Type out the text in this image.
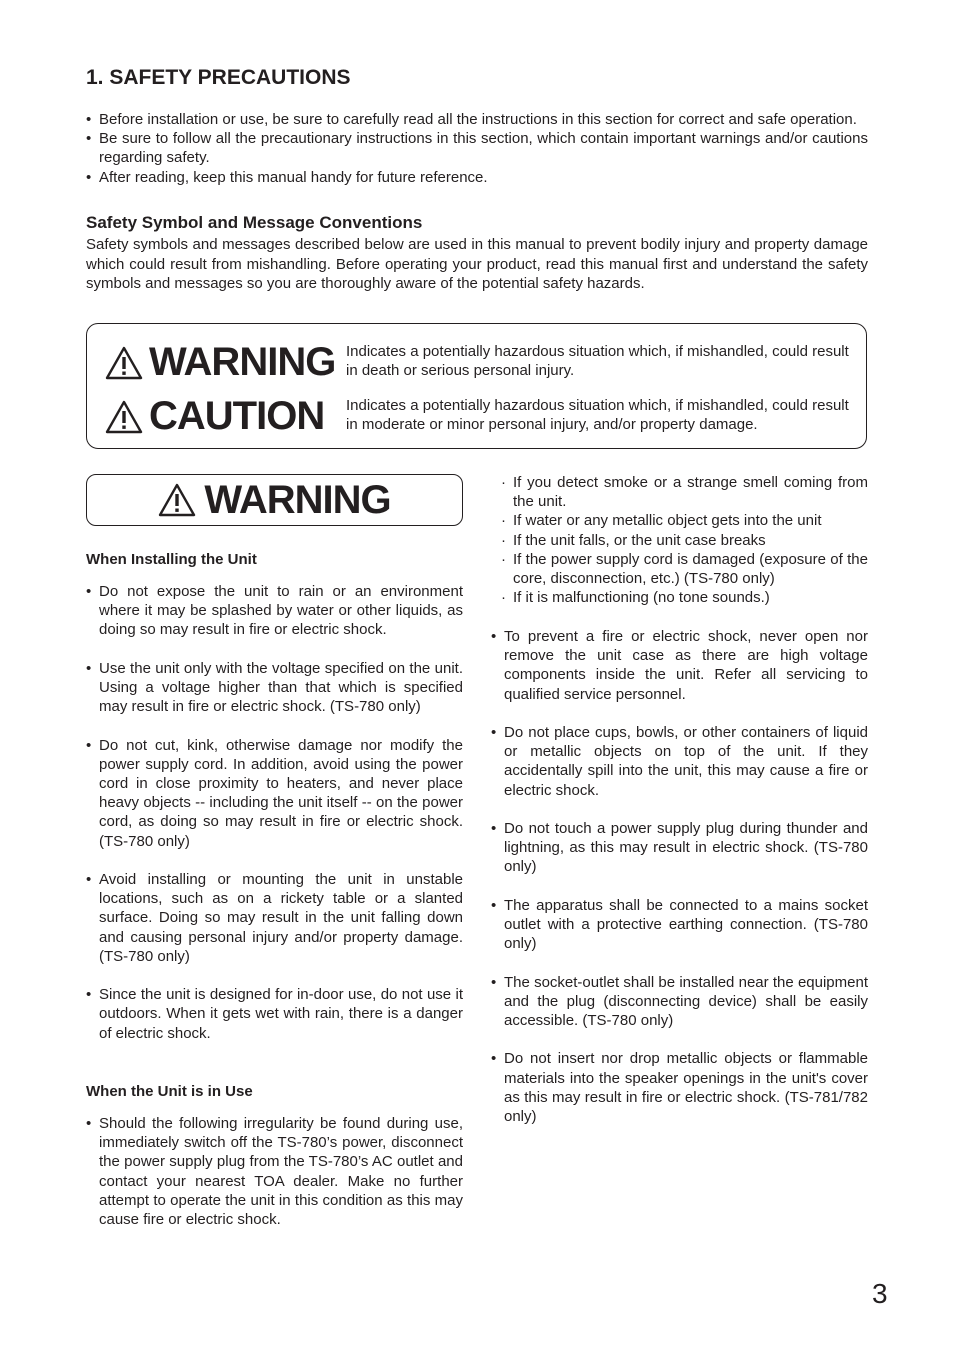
1. SAFETY PRECAUTIONS
• Before installation or use, be sure to carefully read all the instructions in this section for correct and safe operation.
• Be sure to follow all the precautionary instructions in this section, which contain important warnings and/or cautions regarding safety.
• After reading, keep this manual handy for future reference.
Safety Symbol and Message Conventions

Safety symbols and messages described below are used in this manual to prevent bodily injury and property damage which could result from mishandling. Before operating your product, read this manual first and understand the safety symbols and messages so you are thoroughly aware of the potential safety hazards.

WARNING Indicates a potentially hazardous situation which, if mishandled, could result in death or serious personal injury.

CAUTION Indicates a potentially hazardous situation which, if mishandled, could result in moderate or minor personal injury, and/or property damage.

WARNING
When Installing the Unit
• Do not expose the unit to rain or an environment where it may be splashed by water or other liquids, as doing so may result in fire or electric shock.
• Use the unit only with the voltage specified on the unit. Using a voltage higher than that which is specified may result in fire or electric shock. (TS-780 only)
• Do not cut, kink, otherwise damage nor modify the power supply cord. In addition, avoid using the power cord in close proximity to heaters, and never place heavy objects -- including the unit itself -- on the power cord, as doing so may result in fire or electric shock. (TS-780 only)
• Avoid installing or mounting the unit in unstable locations, such as on a rickety table or a slanted surface. Doing so may result in the unit falling down and causing personal injury and/or property damage. (TS-780 only)
• Since the unit is designed for in-door use, do not use it outdoors. When it gets wet with rain, there is a danger of electric shock.
When the Unit is in Use
• Should the following irregularity be found during use, immediately switch off the TS-780’s power, disconnect the power supply plug from the TS-780’s AC outlet and contact your nearest TOA dealer. Make no further attempt to operate the unit in this condition as this may cause fire or electric shock.
· If you detect smoke or a strange smell coming from the unit.
· If water or any metallic object gets into the unit
· If the unit falls, or the unit case breaks
· If the power supply cord is damaged (exposure of the core, disconnection, etc.) (TS-780 only)
· If it is malfunctioning (no tone sounds.)
• To prevent a fire or electric shock, never open nor remove the unit case as there are high voltage components inside the unit. Refer all servicing to qualified service personnel.
• Do not place cups, bowls, or other containers of liquid or metallic objects on top of the unit. If they accidentally spill into the unit, this may cause a fire or electric shock.
• Do not touch a power supply plug during thunder and lightning, as this may result in electric shock. (TS-780 only)
• The apparatus shall be connected to a mains socket outlet with a protective earthing connection. (TS-780 only)
• The socket-outlet shall be installed near the equipment and the plug (disconnecting device) shall be easily accessible. (TS-780 only)
• Do not insert nor drop metallic objects or flammable materials into the speaker openings in the unit's cover as this may result in fire or electric shock. (TS-781/782 only)
3
